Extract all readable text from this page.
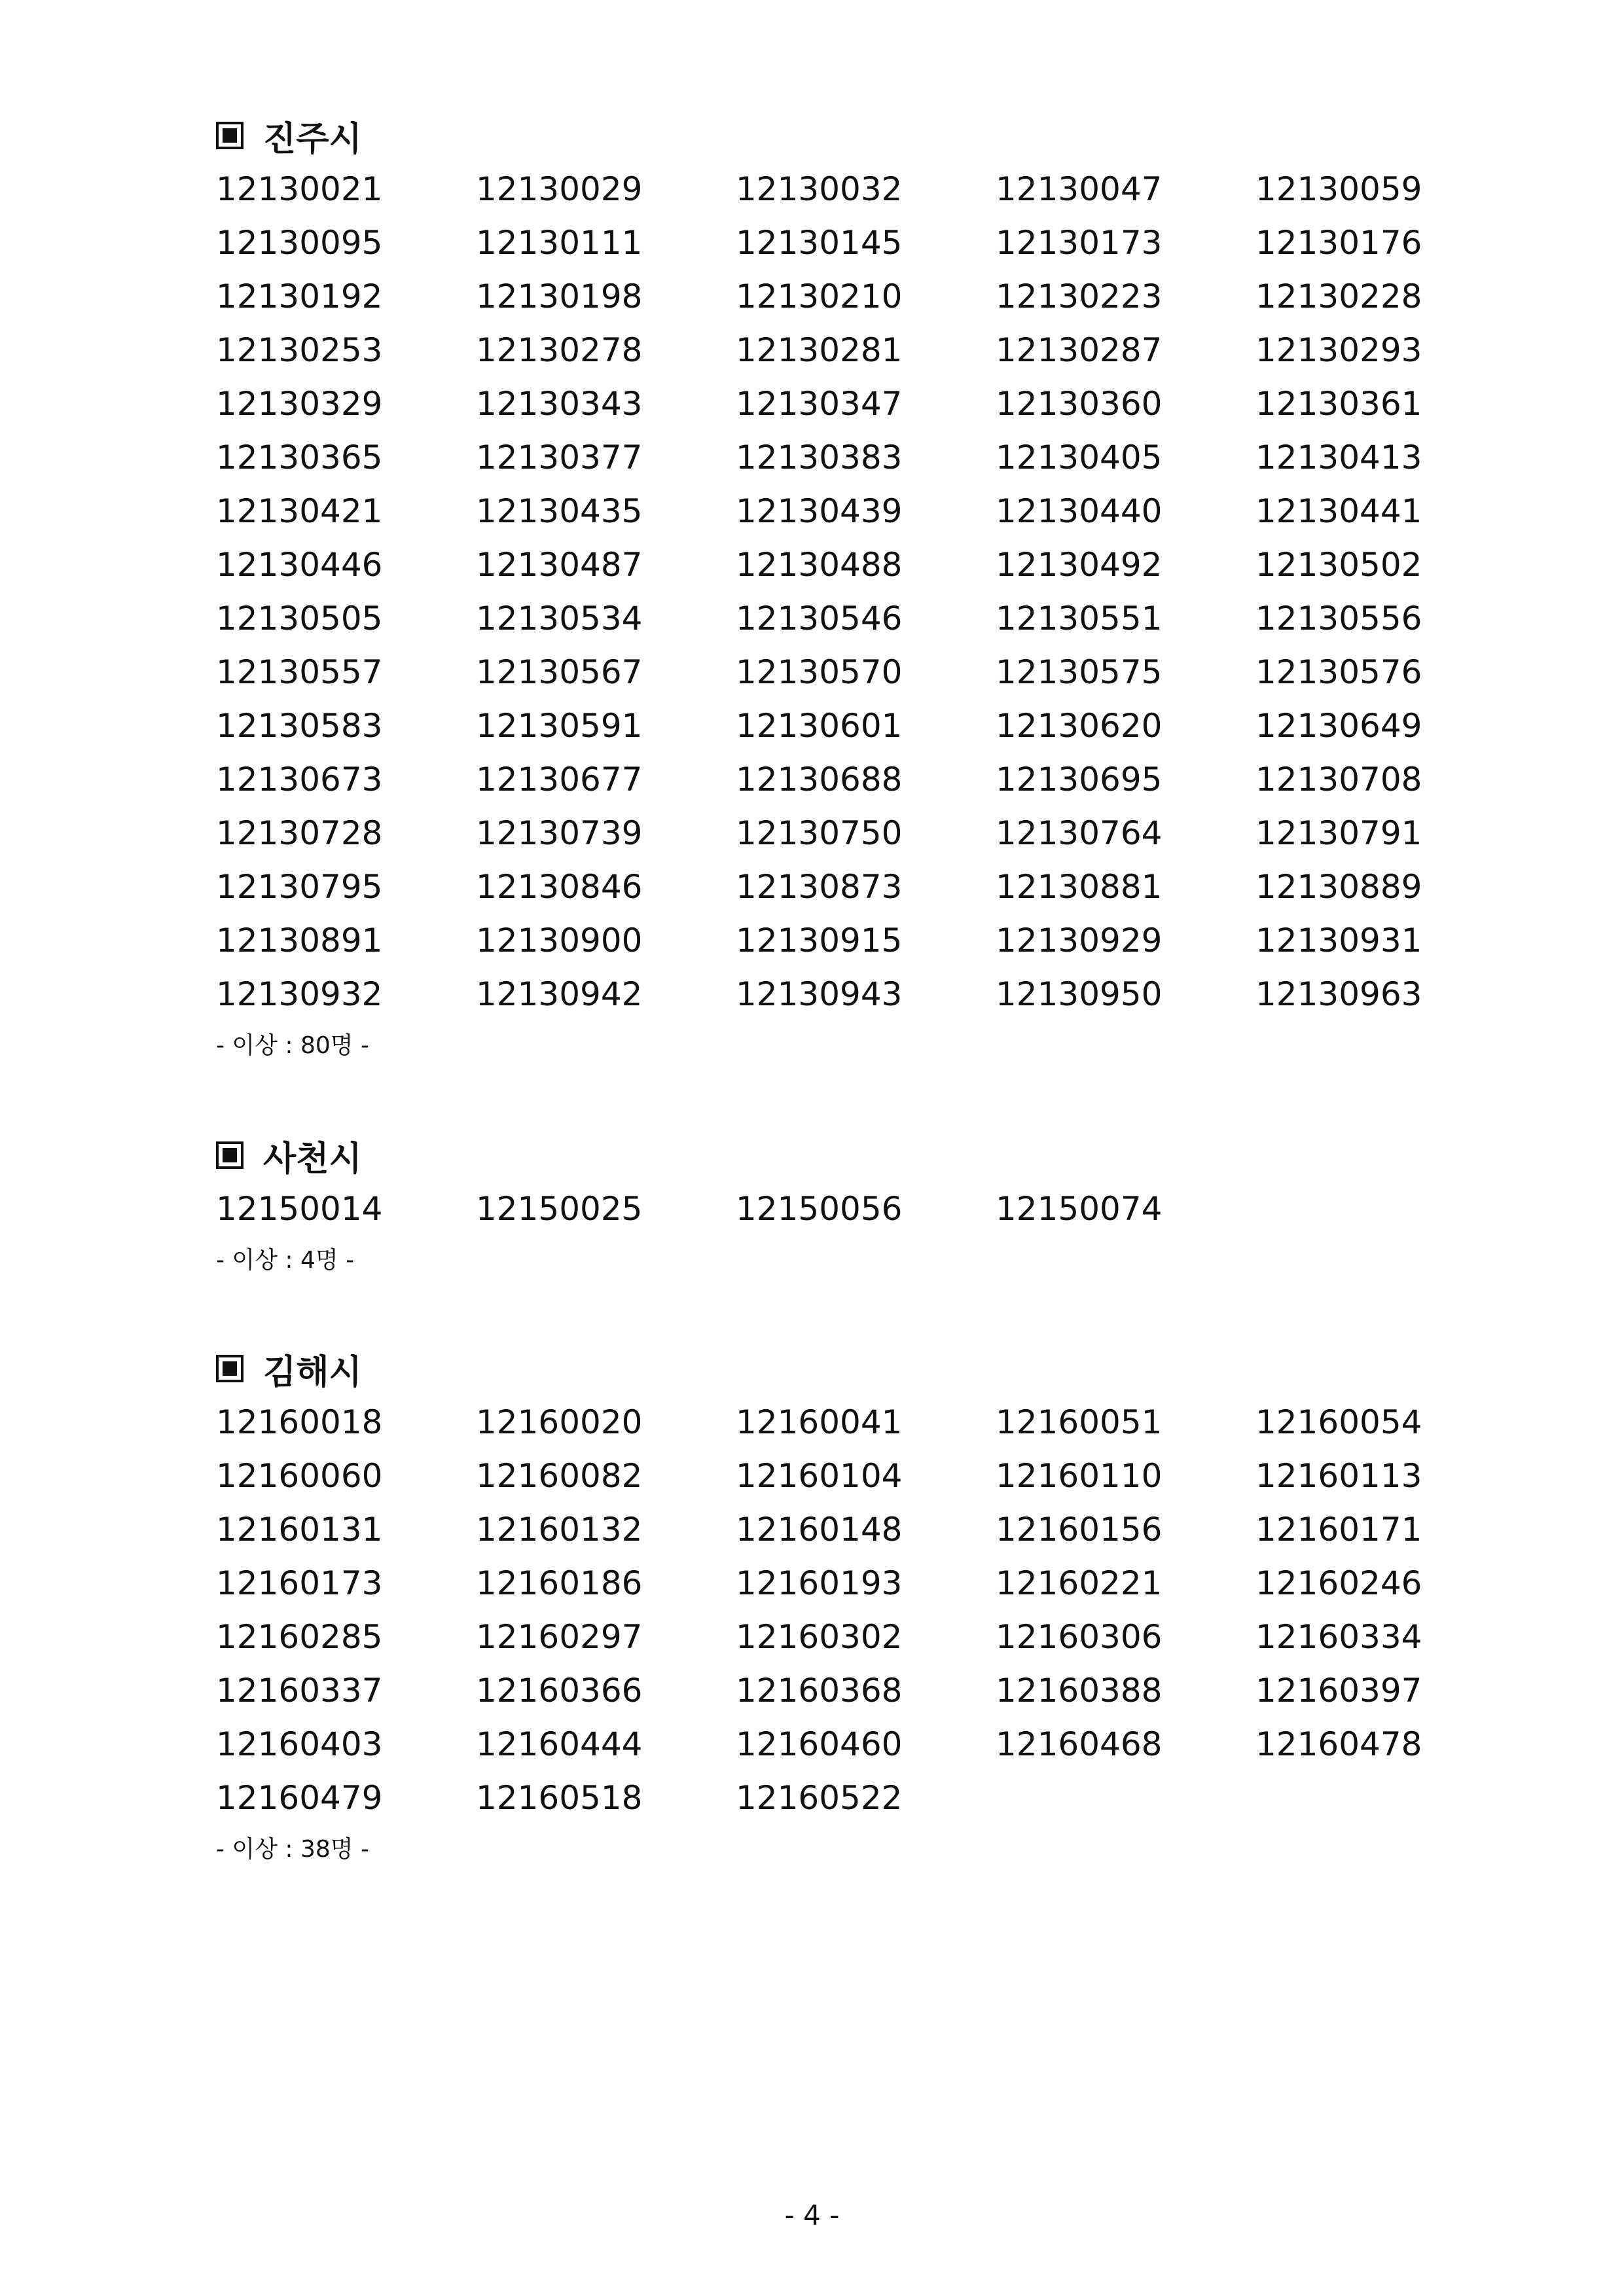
진주시
12130021	12130029	12130032	12130047	12130059
12130095	12130111	12130145	12130173	12130176
12130192	12130198	12130210	12130223	12130228
12130253	12130278	12130281	12130287	12130293
12130329	12130343	12130347	12130360	12130361
12130365	12130377	12130383	12130405	12130413
12130421	12130435	12130439	12130440	12130441
12130446	12130487	12130488	12130492	12130502
12130505	12130534	12130546	12130551	12130556
12130557	12130567	12130570	12130575	12130576
12130583	12130591	12130601	12130620	12130649
12130673	12130677	12130688	12130695	12130708
12130728	12130739	12130750	12130764	12130791
12130795	12130846	12130873	12130881	12130889
12130891	12130900	12130915	12130929	12130931
12130932	12130942	12130943	12130950	12130963
- 이상 : 80명 -
사천시
12150014	12150025	12150056	12150074
- 이상 : 4명 -
김해시
12160018	12160020	12160041	12160051	12160054
12160060	12160082	12160104	12160110	12160113
12160131	12160132	12160148	12160156	12160171
12160173	12160186	12160193	12160221	12160246
12160285	12160297	12160302	12160306	12160334
12160337	12160366	12160368	12160388	12160397
12160403	12160444	12160460	12160468	12160478
12160479	12160518	12160522
- 이상 : 38명 -
- 4 -
